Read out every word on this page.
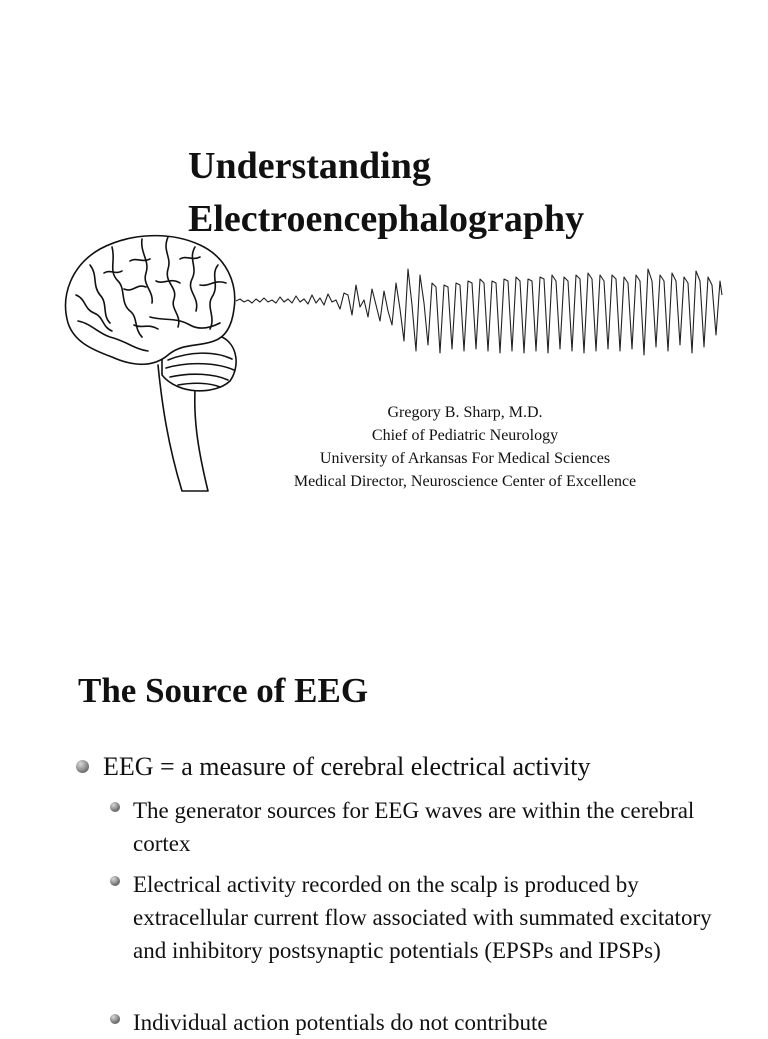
Understanding
Electroencephalography
Gregory B. Sharp, M.D.
Chief of Pediatric Neurology
University of Arkansas For Medical Sciences
Medical Director, Neuroscience Center of Excellence
The Source of EEG
EEG = a measure of cerebral electrical activity
The generator sources for EEG waves are within the cerebral cortex
Electrical activity recorded on the scalp is produced by extracellular current flow associated with summated excitatory and inhibitory postsynaptic potentials (EPSPs and IPSPs)
Individual action potentials do not contribute
